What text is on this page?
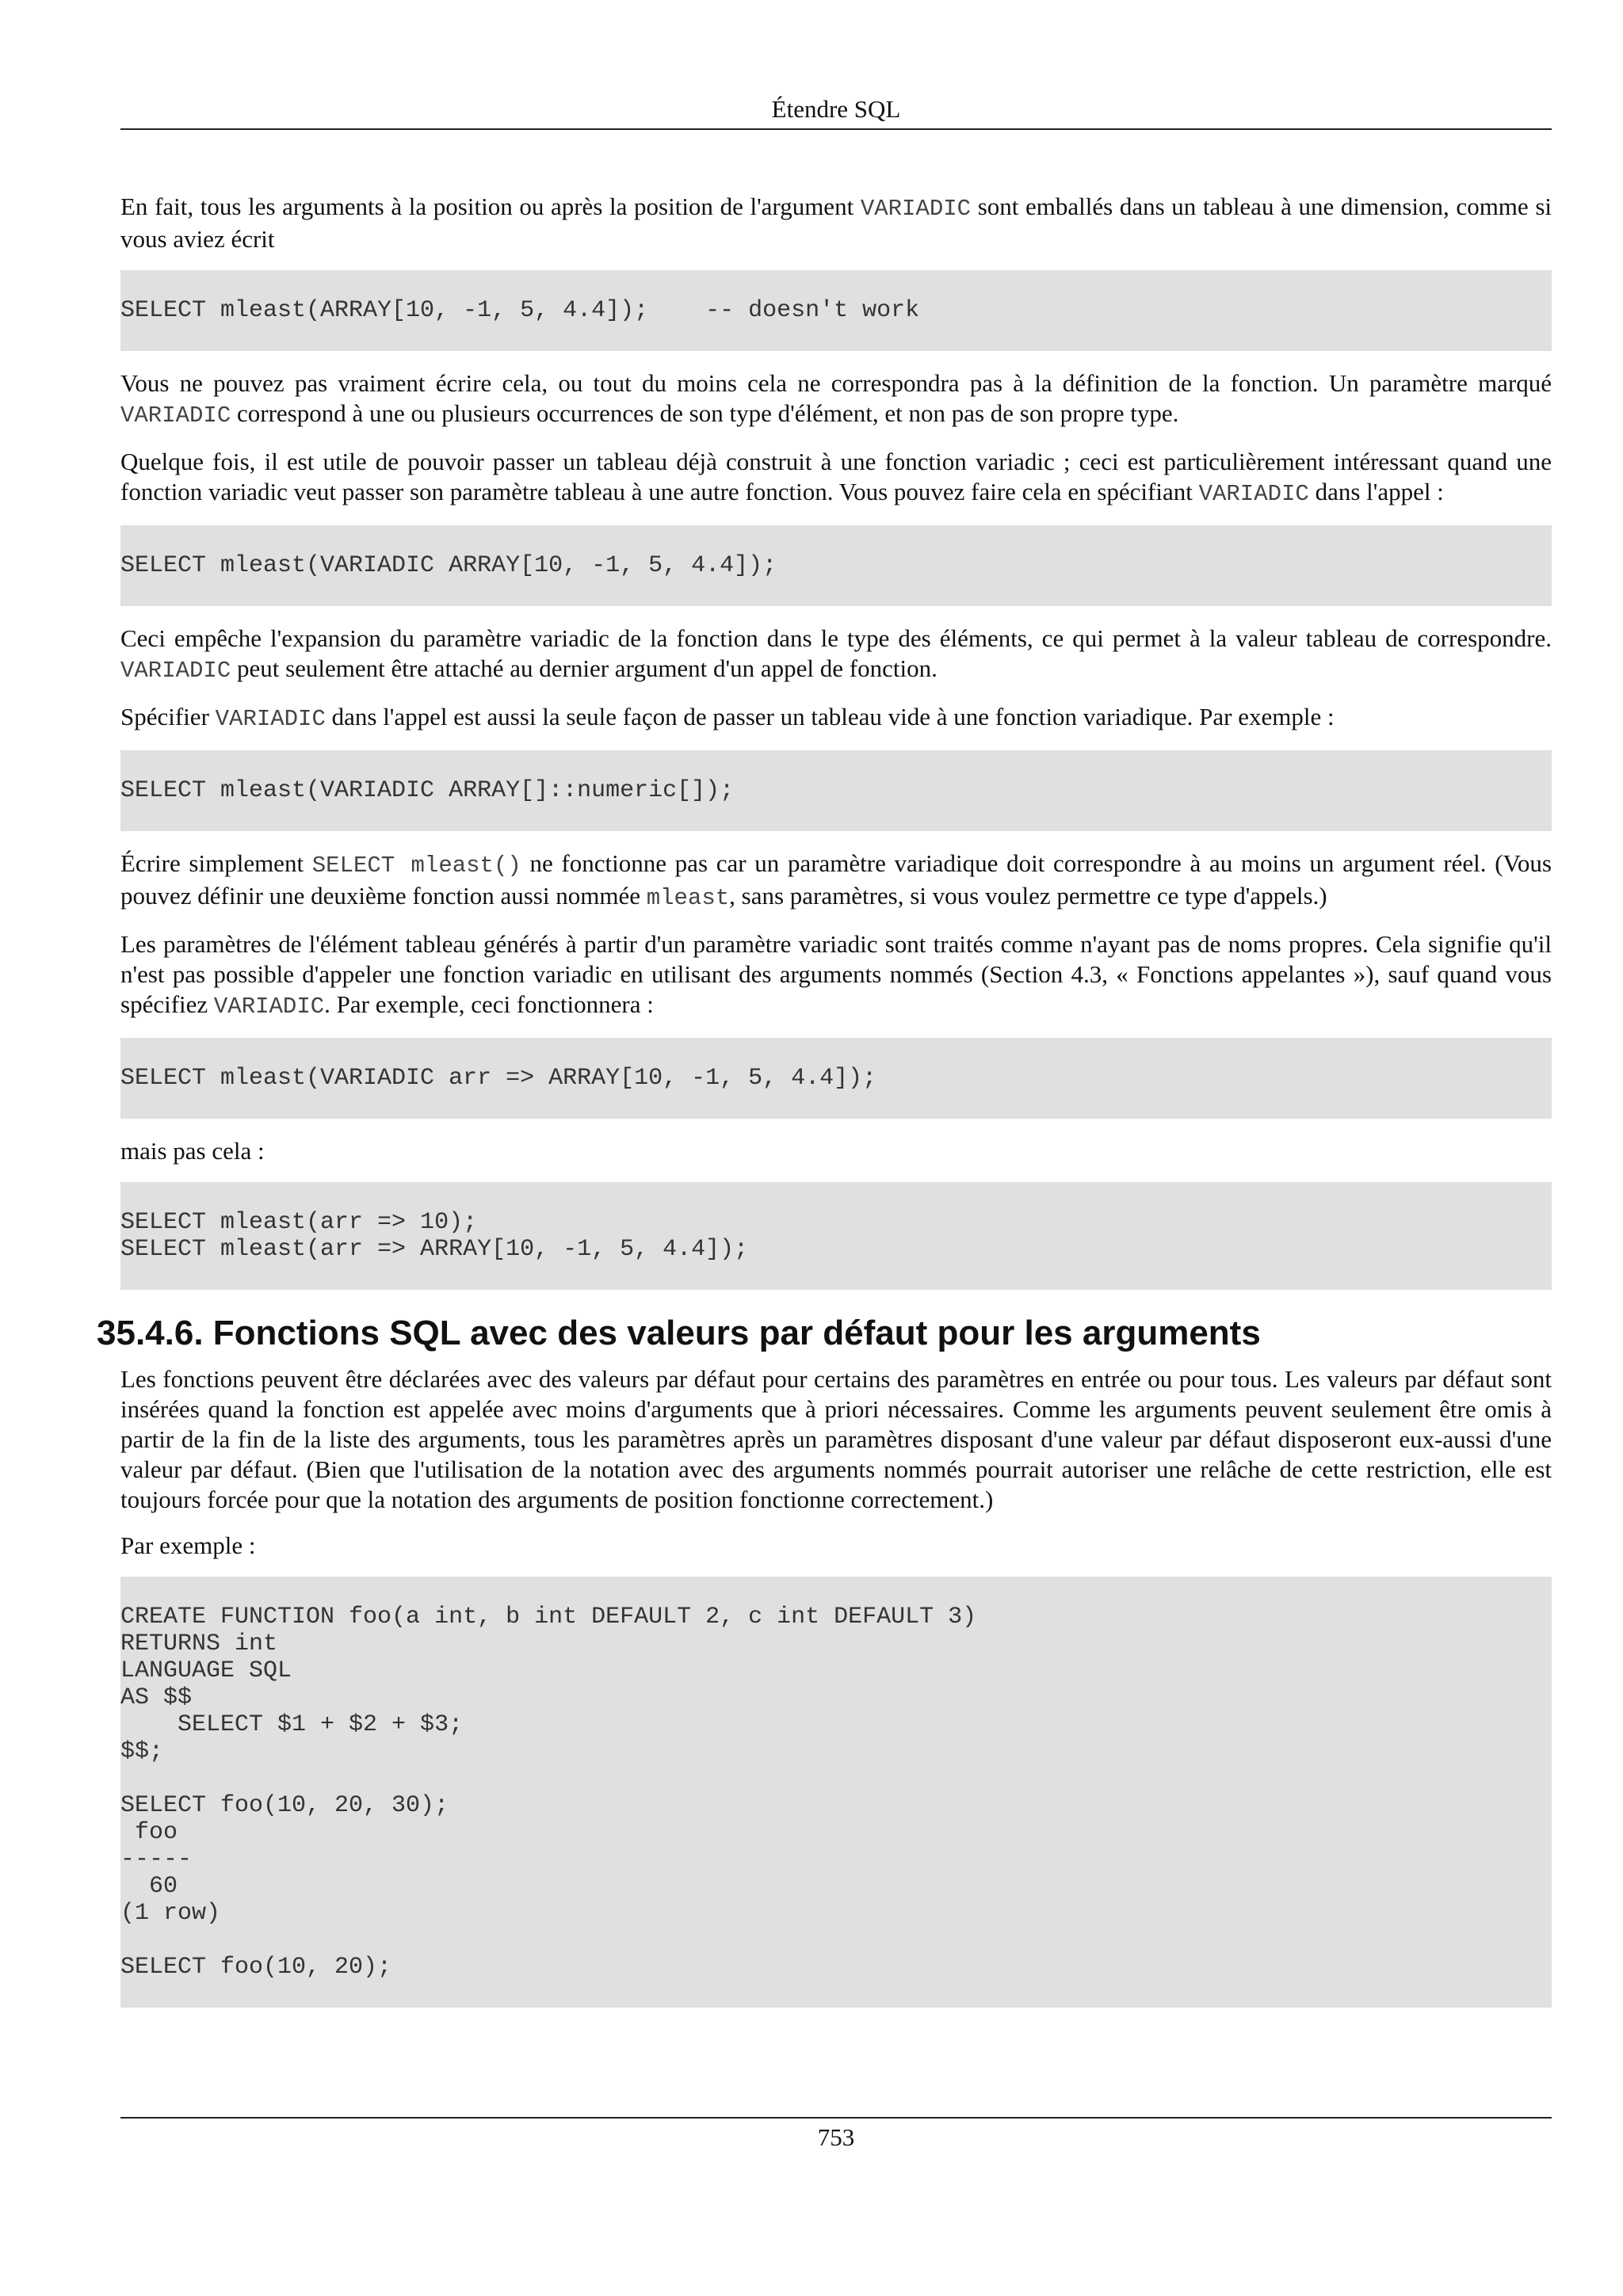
Étendre SQL

En fait, tous les arguments à la position ou après la position de l'argument VARIADIC sont emballés dans un tableau à une dimension, comme si vous aviez écrit

SELECT mleast(ARRAY[10, -1, 5, 4.4]);    -- doesn't work

Vous ne pouvez pas vraiment écrire cela, ou tout du moins cela ne correspondra pas à la définition de la fonction. Un paramètre marqué VARIADIC correspond à une ou plusieurs occurrences de son type d'élément, et non pas de son propre type.

Quelque fois, il est utile de pouvoir passer un tableau déjà construit à une fonction variadic ; ceci est particulièrement intéressant quand une fonction variadic veut passer son paramètre tableau à une autre fonction. Vous pouvez faire cela en spécifiant VARIADIC dans l'appel :

SELECT mleast(VARIADIC ARRAY[10, -1, 5, 4.4]);

Ceci empêche l'expansion du paramètre variadic de la fonction dans le type des éléments, ce qui permet à la valeur tableau de correspondre. VARIADIC peut seulement être attaché au dernier argument d'un appel de fonction.

Spécifier VARIADIC dans l'appel est aussi la seule façon de passer un tableau vide à une fonction variadique. Par exemple :

SELECT mleast(VARIADIC ARRAY[]::numeric[]);

Écrire simplement SELECT mleast() ne fonctionne pas car un paramètre variadique doit correspondre à au moins un argument réel. (Vous pouvez définir une deuxième fonction aussi nommée mleast, sans paramètres, si vous voulez permettre ce type d'appels.)

Les paramètres de l'élément tableau générés à partir d'un paramètre variadic sont traités comme n'ayant pas de noms propres. Cela signifie qu'il n'est pas possible d'appeler une fonction variadic en utilisant des arguments nommés (Section 4.3, « Fonctions appelantes »), sauf quand vous spécifiez VARIADIC. Par exemple, ceci fonctionnera :

SELECT mleast(VARIADIC arr => ARRAY[10, -1, 5, 4.4]);

mais pas cela :

SELECT mleast(arr => 10);
SELECT mleast(arr => ARRAY[10, -1, 5, 4.4]);
35.4.6. Fonctions SQL avec des valeurs par défaut pour les arguments

Les fonctions peuvent être déclarées avec des valeurs par défaut pour certains des paramètres en entrée ou pour tous. Les valeurs par défaut sont insérées quand la fonction est appelée avec moins d'arguments que à priori nécessaires. Comme les arguments peuvent seulement être omis à partir de la fin de la liste des arguments, tous les paramètres après un paramètres disposant d'une valeur par défaut disposeront eux-aussi d'une valeur par défaut. (Bien que l'utilisation de la notation avec des arguments nommés pourrait autoriser une relâche de cette restriction, elle est toujours forcée pour que la notation des arguments de position fonctionne correctement.)

Par exemple :

CREATE FUNCTION foo(a int, b int DEFAULT 2, c int DEFAULT 3)
RETURNS int
LANGUAGE SQL
AS $$
SELECT $1 + $2 + $3;
$$;

SELECT foo(10, 20, 30);
foo
-----
60
(1 row)

SELECT foo(10, 20);
753
